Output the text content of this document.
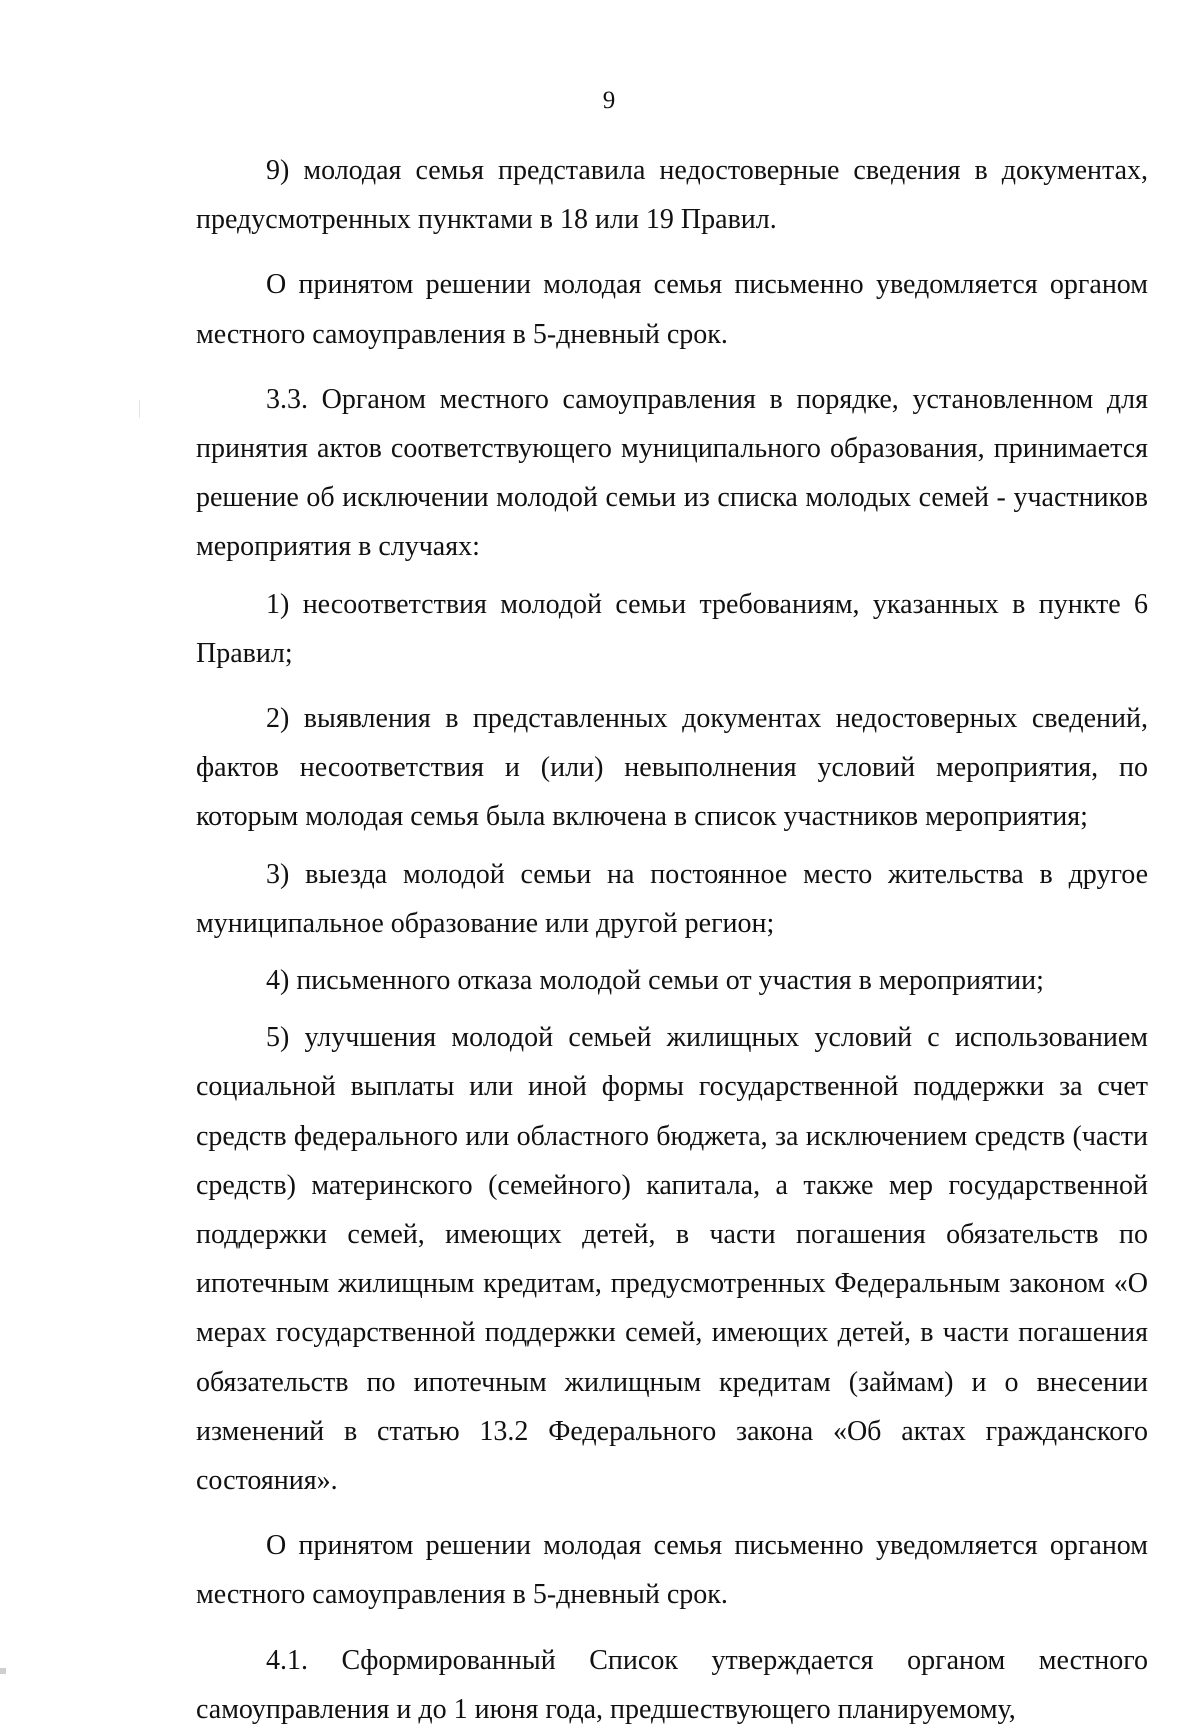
9

9) молодая семья представила недостоверные сведения в документах, предусмотренных пунктами в 18 или 19 Правил.

О принятом решении молодая семья письменно уведомляется органом местного самоуправления в 5-дневный срок.

3.3. Органом местного самоуправления в порядке, установленном для принятия актов соответствующего муниципального образования, принимается решение об исключении молодой семьи из списка молодых семей - участников мероприятия в случаях:

1) несоответствия молодой семьи требованиям, указанных в пункте 6 Правил;

2) выявления в представленных документах недостоверных сведений, фактов несоответствия и (или) невыполнения условий мероприятия, по которым молодая семья была включена в список участников мероприятия;

3) выезда молодой семьи на постоянное место жительства в другое муниципальное образование или другой регион;

4) письменного отказа молодой семьи от участия в мероприятии;

5) улучшения молодой семьей жилищных условий с использованием социальной выплаты или иной формы государственной поддержки за счет средств федерального или областного бюджета, за исключением средств (части средств) материнского (семейного) капитала, а также мер государственной поддержки семей, имеющих детей, в части погашения обязательств по ипотечным жилищным кредитам, предусмотренных Федеральным законом «О мерах государственной поддержки семей, имеющих детей, в части погашения обязательств по ипотечным жилищным кредитам (займам) и о внесении изменений в статью 13.2 Федерального закона «Об актах гражданского состояния».

О принятом решении молодая семья письменно уведомляется органом местного самоуправления в 5-дневный срок.

4.1. Сформированный Список утверждается органом местного самоуправления и до 1 июня года, предшествующего планируемому,
